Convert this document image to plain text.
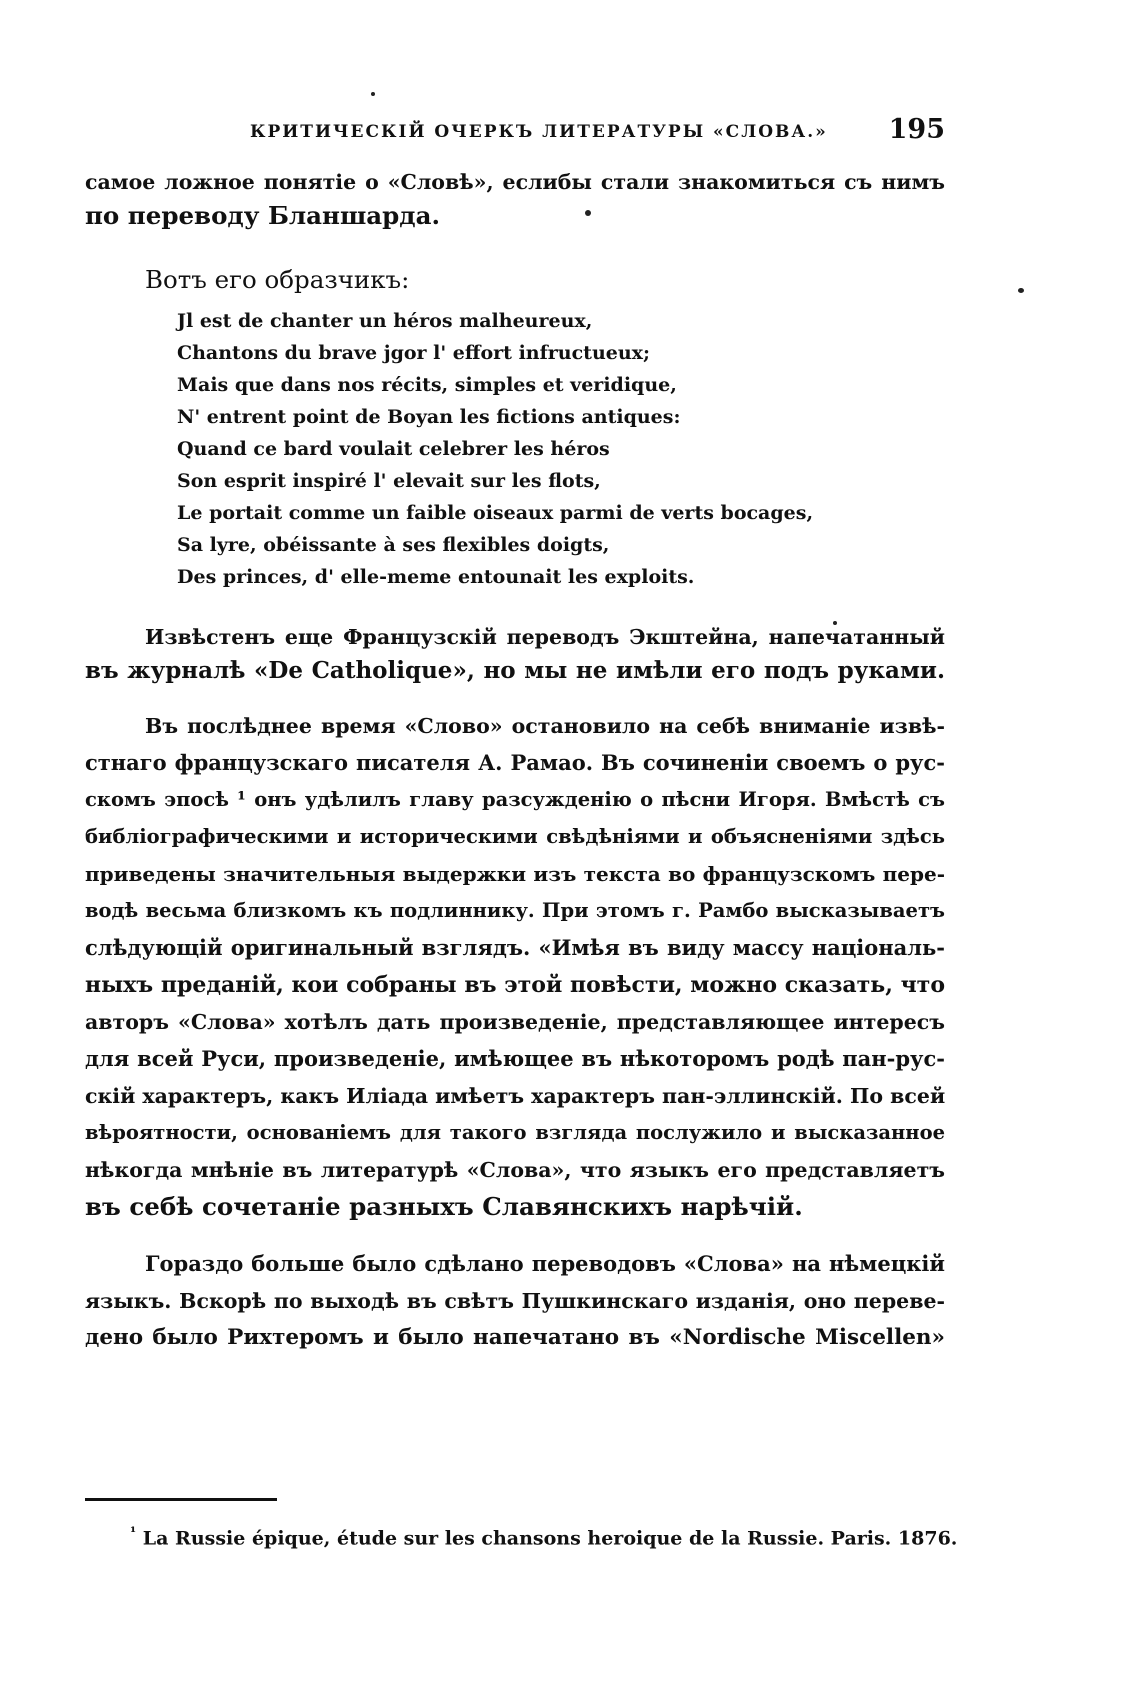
КРИТИЧЕСКІЙ ОЧЕРКЪ ЛИТЕРАТУРЫ «СЛОВА.» 195
самое ложное понятіе о «Словѣ», еслибы стали знакомиться съ нимъ
по переводу Бланшарда.
Вотъ его образчикъ:
Jl est de chanter un héros malheureux,
Chantons du brave jgor l' effort infructueux;
Mais que dans nos récits, simples et veridique,
N' entrent point de Boyan les fictions antiques:
Quand ce bard voulait celebrer les héros
Son esprit inspiré l' elevait sur les flots,
Le portait comme un faible oiseaux parmi de verts bocages,
Sa lyre, obéissante à ses flexibles doigts,
Des princes, d' elle-meme entounait les exploits.
Извѣстенъ еще Французскій переводъ Экштейна, напечатанный
въ журналѣ «De Catholique», но мы не имѣли его подъ руками.
Въ послѣднее время «Слово» остановило на себѣ вниманіе извѣ-
стнаго французскаго писателя А. Рамао. Въ сочиненіи своемъ о рус-
скомъ эпосѣ ¹ онъ удѣлилъ главу разсужденію о пѣсни Игоря. Вмѣстѣ съ
библіографическими и историческими свѣдѣніями и объясненіями здѣсь
приведены значительныя выдержки изъ текста во французскомъ пере-
водѣ весьма близкомъ къ подлиннику. При этомъ г. Рамбо высказываетъ
слѣдующій оригинальный взглядъ. «Имѣя въ виду массу національ-
ныхъ преданій, кои собраны въ этой повѣсти, можно сказать, что
авторъ «Слова» хотѣлъ дать произведеніе, представляющее интересъ
для всей Руси, произведеніе, имѣющее въ нѣкоторомъ родѣ пан-рус-
скій характеръ, какъ Иліада имѣетъ характеръ пан-эллинскій. По всей
вѣроятности, основаніемъ для такого взгляда послужило и высказанное
нѣкогда мнѣніе въ литературѣ «Слова», что языкъ его представляетъ
въ себѣ сочетаніе разныхъ Славянскихъ нарѣчій.
Гораздо больше было сдѣлано переводовъ «Слова» на нѣмецкій
языкъ. Вскорѣ по выходѣ въ свѣтъ Пушкинскаго изданія, оно переве-
дено было Рихтеромъ и было напечатано въ «Nordische Miscellen»
$^{^1}$ La Russie épique, étude sur les chansons heroique de la Russie. Paris. 1876.
